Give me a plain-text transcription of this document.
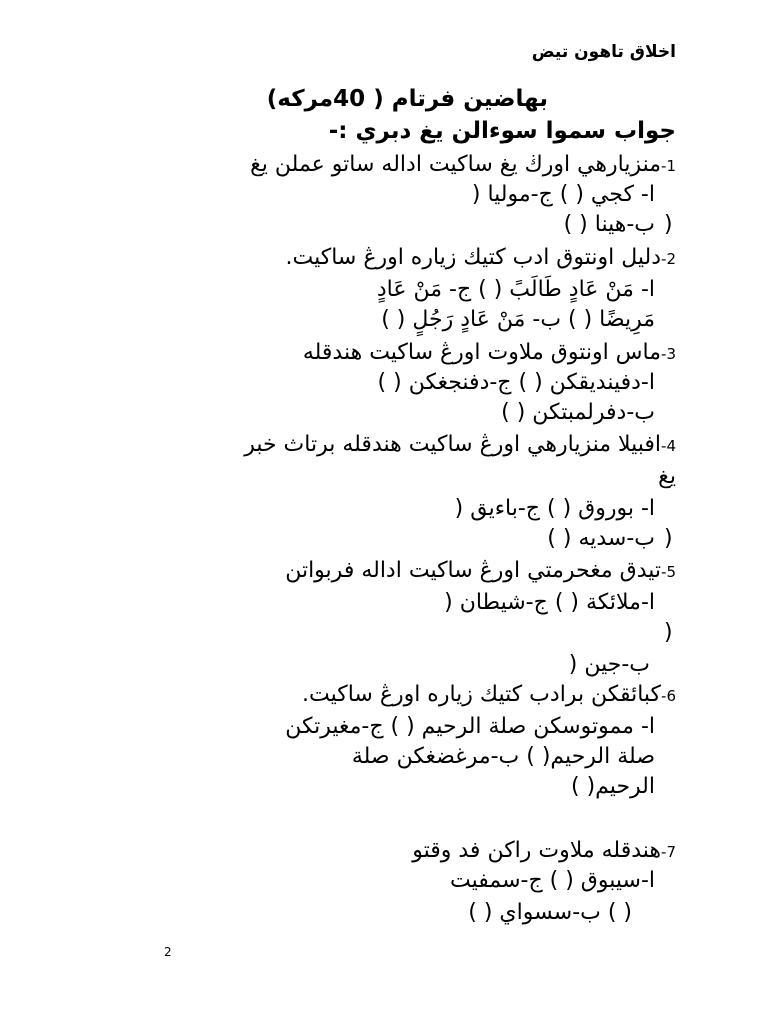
اخلاق تاهون تيض
بهاضين فرتام ( 40مركه)
جواب سموا سوءالن يغ دبري :-
1-منزيارهي اورڬ يغ ساكيت اداله ساتو عملن يغ
ا- كجي ( ) ج-موليا (
ب-هينا ( ) )
2-دليل اونتوق ادب كتيك زياره اورڠ ساكيت.
ا- مَنْ عَادٍ طَالَبً ( ) ج- مَنْ عَادٍ
مَرِيضًا ( ) ب- مَنْ عَادٍ رَجُلٍ ( )
3-ماس اونتوق ملاوت اورڠ ساكيت هندقله
ا-دفينديقكن ( ) ج-دفنجغكن ( )
ب-دفرلمبتكن ( )
4-افبيلا منزيارهي اورڠ ساكيت هندقله برتاث خبر
يغ
ا- بوروق ( ) ج-باءيق (
ب-سديه ( ) )
5-تيدق مغحرمتي اورڠ ساكيت اداله فربواتن
ا-ملائكة ( ) ج-شيطان (
)
ب-جين (
6-كبائقكن برادب كتيك زياره اورڠ ساكيت.
ا- مموتوسكن صلة الرحيم ( ) ج-مغيرتكن
صلة الرحيم( ) ب-مرغضغكن صلة
الرحيم( )
7-هندقله ملاوت راكن فد وقتو
ا-سيبوق ( ) ج-سمفيت
( ) ب-سسواي ( )
2
